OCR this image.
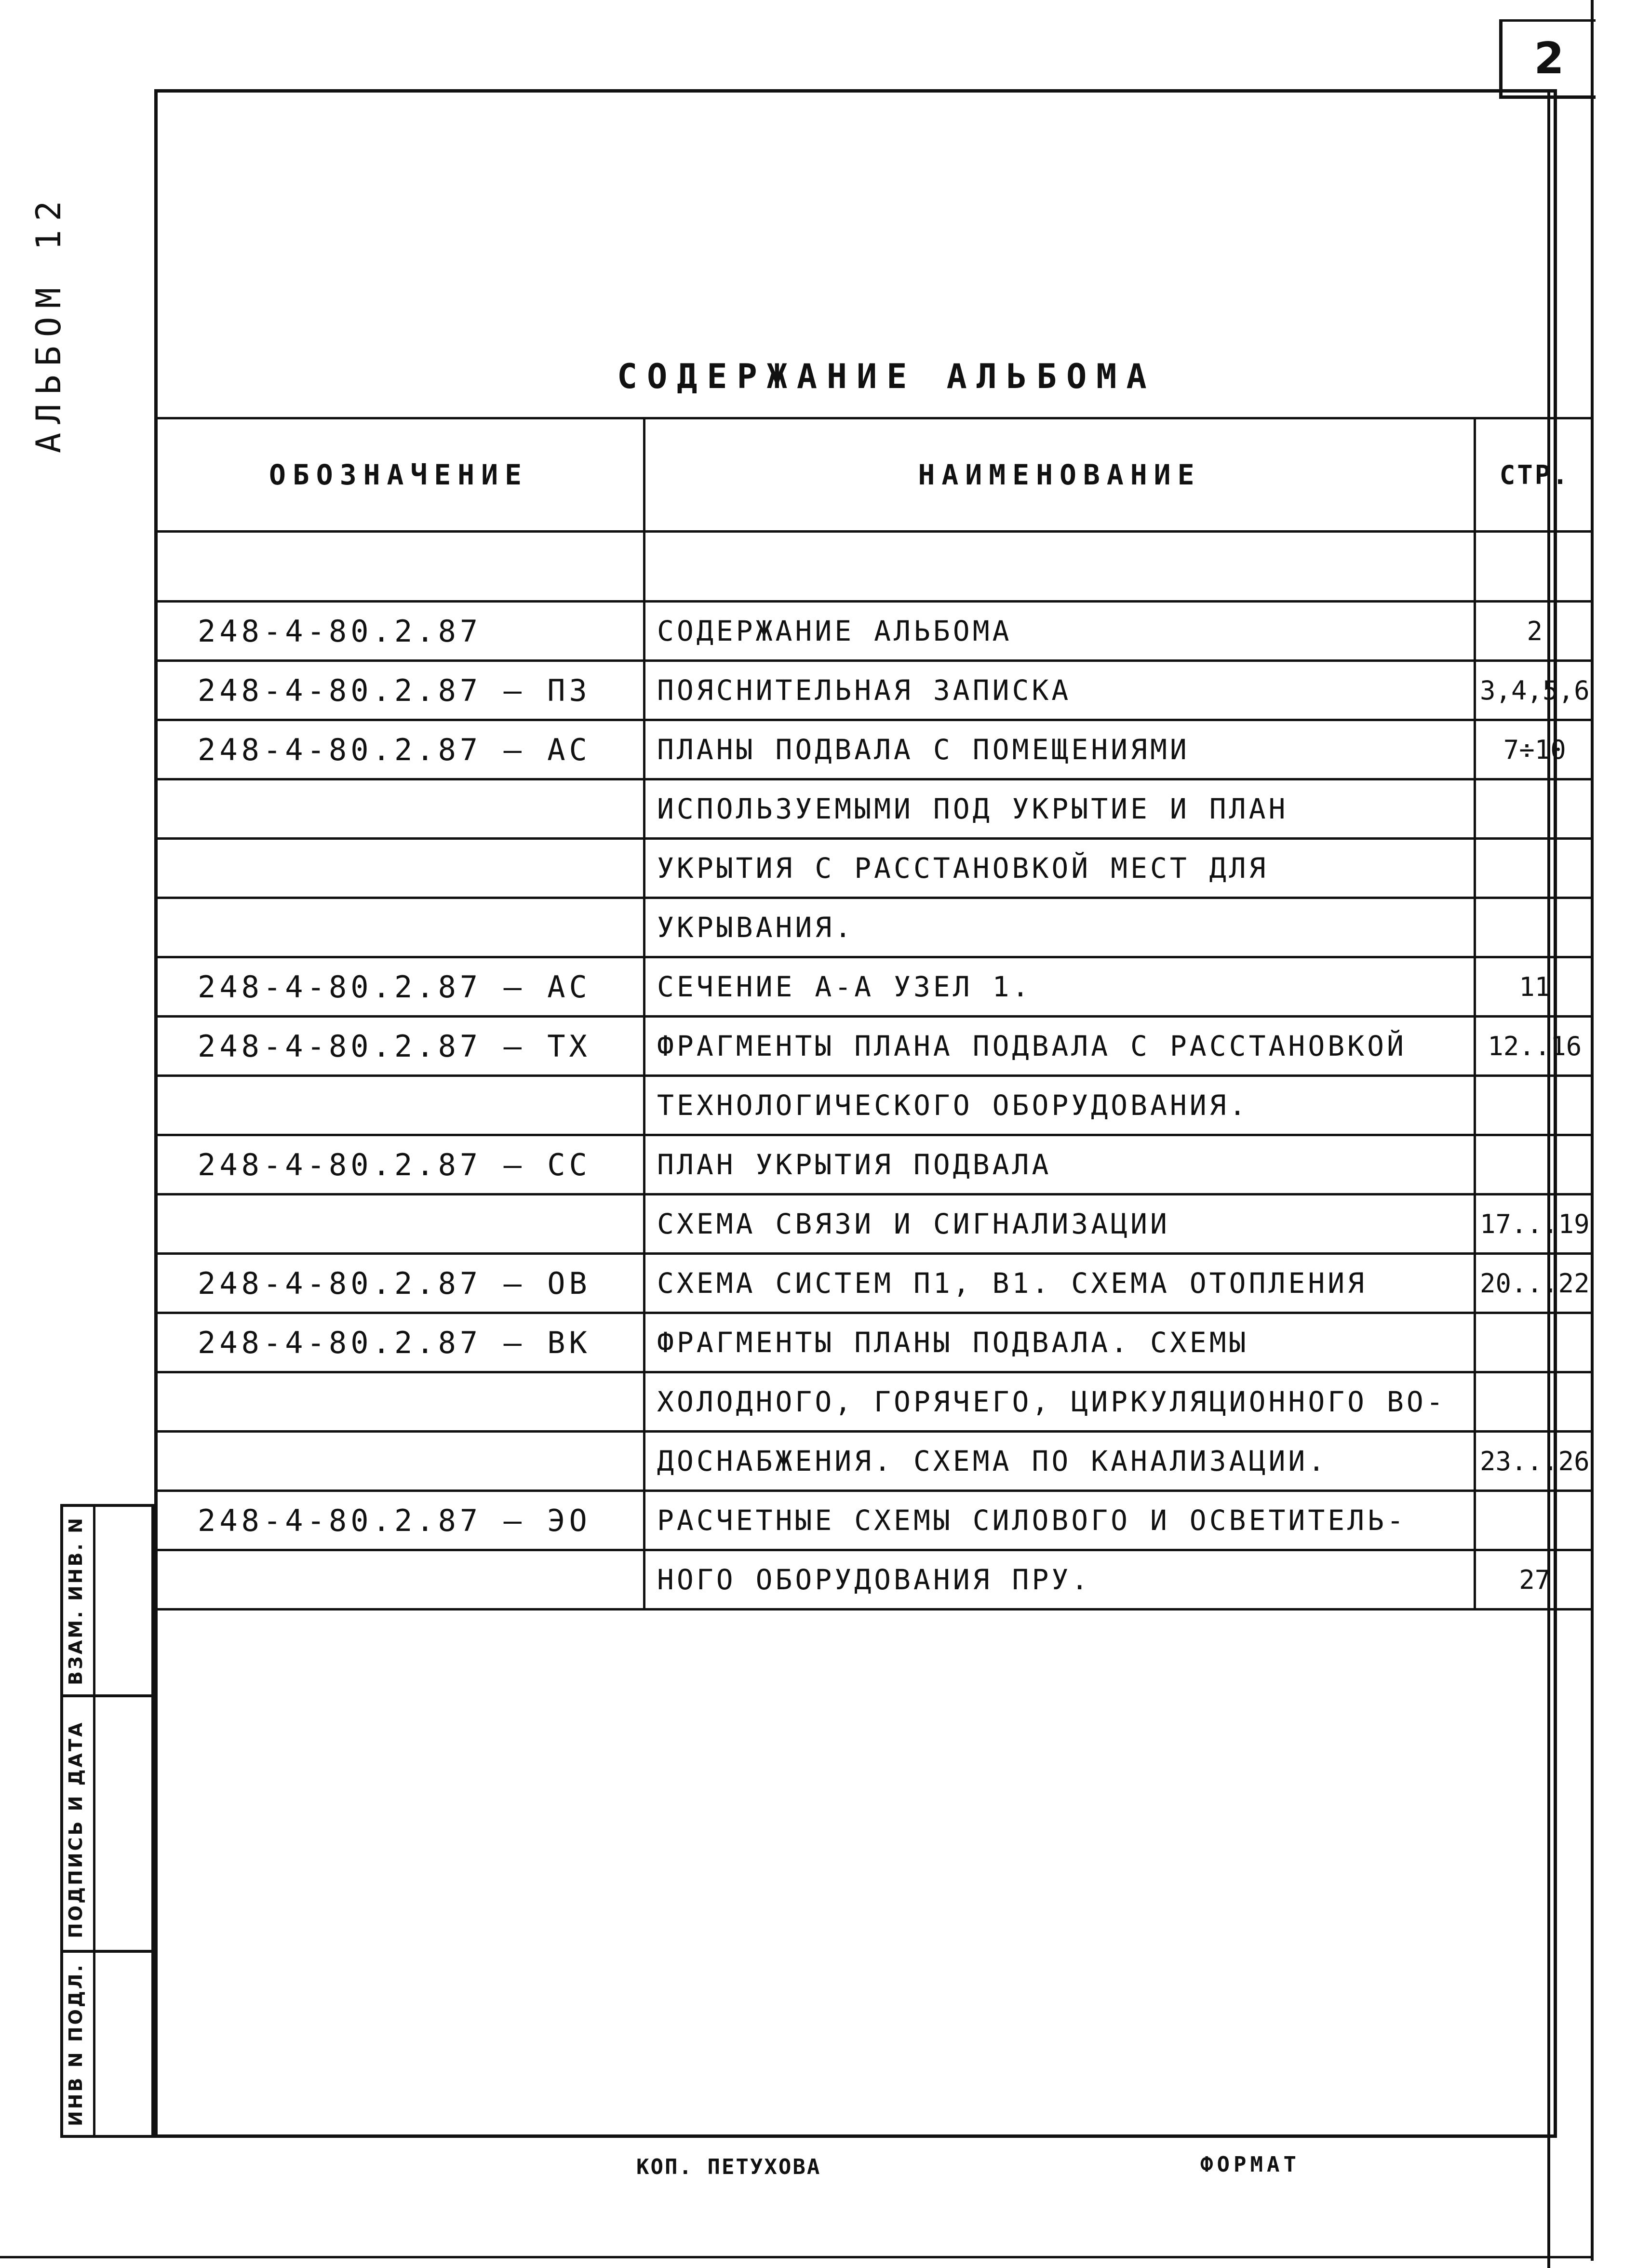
2
АЛЬБОМ 12	СОДЕРЖАНИЕ АЛЬБОМА
ОБОЗНАЧЕНИЕ	НАИМЕНОВАНИЕ	СТР.

248-4-80.2.87	СОДЕРЖАНИЕ АЛЬБОМА	2
248-4-80.2.87 – ПЗ	ПОЯСНИТЕЛЬНАЯ ЗАПИСКА	3,4,5,6
248-4-80.2.87 – АС	ПЛАНЫ ПОДВАЛА С ПОМЕЩЕНИЯМИ	7÷10
	ИСПОЛЬЗУЕМЫМИ ПОД УКРЫТИЕ И ПЛАН	
	УКРЫТИЯ С РАССТАНОВКОЙ МЕСТ ДЛЯ	
	УКРЫВАНИЯ.	
248-4-80.2.87 – АС	СЕЧЕНИЕ А-А УЗЕЛ 1.	11
248-4-80.2.87 – ТХ	ФРАГМЕНТЫ ПЛАНА ПОДВАЛА С РАССТАНОВКОЙ	12..16
	ТЕХНОЛОГИЧЕСКОГО ОБОРУДОВАНИЯ.	
248-4-80.2.87 – СС	ПЛАН УКРЫТИЯ ПОДВАЛА	
	СХЕМА СВЯЗИ И СИГНАЛИЗАЦИИ	17...19
248-4-80.2.87 – ОВ	СХЕМА СИСТЕМ П1, В1. СХЕМА ОТОПЛЕНИЯ	20...22
248-4-80.2.87 – ВК	ФРАГМЕНТЫ ПЛАНЫ ПОДВАЛА. СХЕМЫ	
	ХОЛОДНОГО, ГОРЯЧЕГО, ЦИРКУЛЯЦИОННОГО ВО-	
	ДОСНАБЖЕНИЯ. СХЕМА ПО КАНАЛИЗАЦИИ.	23...26
248-4-80.2.87 – ЭО	РАСЧЕТНЫЕ СХЕМЫ СИЛОВОГО И ОСВЕТИТЕЛЬ-	
	НОГО ОБОРУДОВАНИЯ ПРУ.	27
ВЗАМ. ИНВ. N
ПОДПИСЬ И ДАТА
ИНВ N ПОДЛ.
КОП. ПЕТУХОВА	ФОРМАТ
